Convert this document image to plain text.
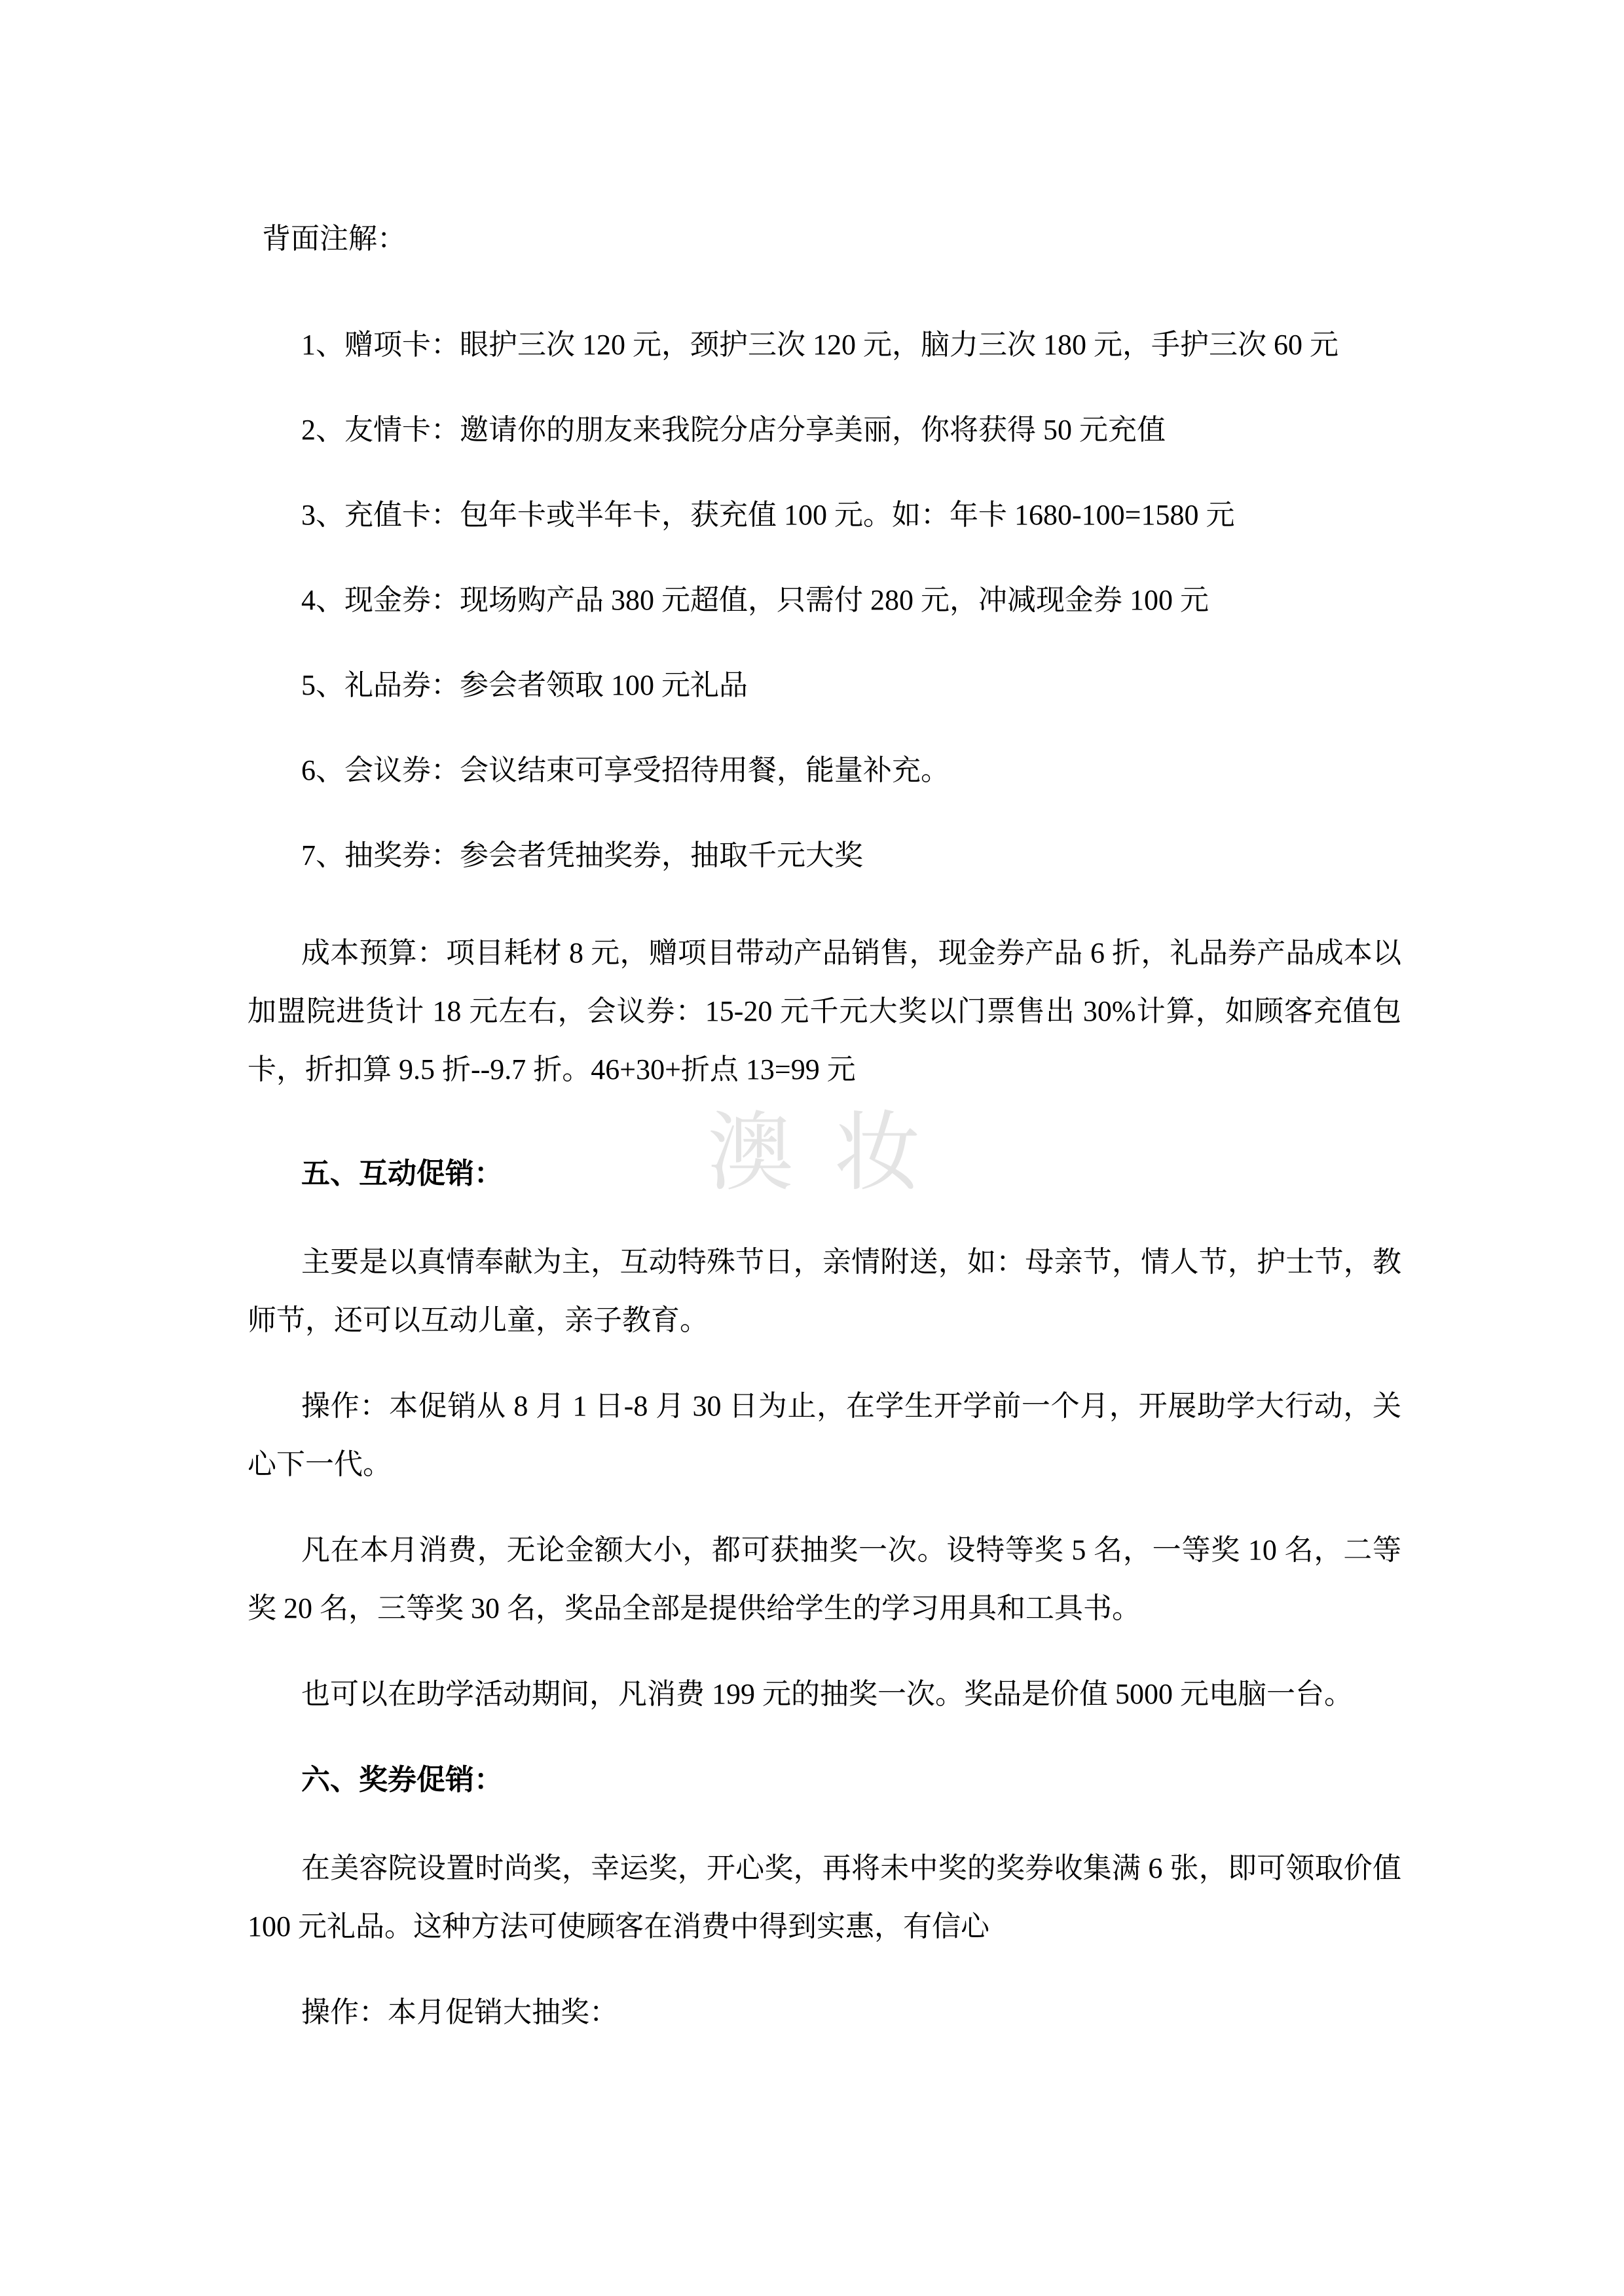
澳妆

背面注解：

1、赠项卡：眼护三次 120 元，颈护三次 120 元，脑力三次 180 元，手护三次 60 元

2、友情卡：邀请你的朋友来我院分店分享美丽，你将获得 50 元充值

3、充值卡：包年卡或半年卡，获充值 100 元。如：年卡 1680-100=1580 元

4、现金券：现场购产品 380 元超值，只需付 280 元，冲减现金券 100 元

5、礼品券：参会者领取 100 元礼品

6、会议券：会议结束可享受招待用餐，能量补充。

7、抽奖券：参会者凭抽奖券，抽取千元大奖

成本预算：项目耗材 8 元，赠项目带动产品销售，现金券产品 6 折，礼品券产品成本以加盟院进货计 18 元左右，会议券：15-20 元千元大奖以门票售出 30%计算，如顾客充值包卡，折扣算 9.5 折--9.7 折。46+30+折点 13=99 元

五、互动促销：

主要是以真情奉献为主，互动特殊节日，亲情附送，如：母亲节，情人节，护士节，教师节，还可以互动儿童，亲子教育。

操作：本促销从 8 月 1 日-8 月 30 日为止，在学生开学前一个月，开展助学大行动，关心下一代。

凡在本月消费，无论金额大小，都可获抽奖一次。设特等奖 5 名，一等奖 10 名，二等奖 20 名，三等奖 30 名，奖品全部是提供给学生的学习用具和工具书。

也可以在助学活动期间，凡消费 199 元的抽奖一次。奖品是价值 5000 元电脑一台。

六、奖券促销：

在美容院设置时尚奖，幸运奖，开心奖，再将未中奖的奖券收集满 6 张，即可领取价值 100 元礼品。这种方法可使顾客在消费中得到实惠，有信心

操作：本月促销大抽奖：
